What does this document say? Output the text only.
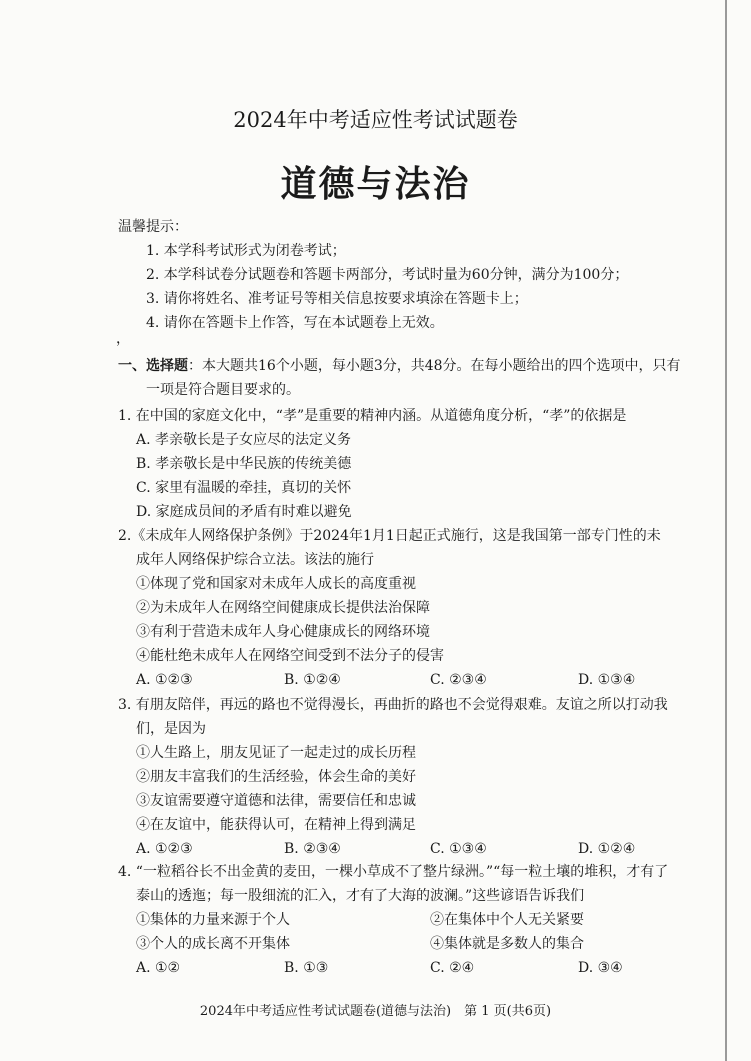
2024年中考适应性考试试题卷
道德与法治
温馨提示：
1. 本学科考试形式为闭卷考试；
2. 本学科试卷分试题卷和答题卡两部分，考试时量为60分钟，满分为100分；
3. 请你将姓名、准考证号等相关信息按要求填涂在答题卡上；
4. 请你在答题卡上作答，写在本试题卷上无效。
，
一、选择题：本大题共16个小题，每小题3分，共48分。在每小题给出的四个选项中，只有
一项是符合题目要求的。
1. 在中国的家庭文化中，“孝”是重要的精神内涵。从道德角度分析，“孝”的依据是
A. 孝亲敬长是子女应尽的法定义务
B. 孝亲敬长是中华民族的传统美德
C. 家里有温暖的牵挂，真切的关怀
D. 家庭成员间的矛盾有时难以避免
2.《未成年人网络保护条例》于2024年1月1日起正式施行，这是我国第一部专门性的未
成年人网络保护综合立法。该法的施行
①体现了党和国家对未成年人成长的高度重视
②为未成年人在网络空间健康成长提供法治保障
③有利于营造未成年人身心健康成长的网络环境
④能杜绝未成年人在网络空间受到不法分子的侵害
A. ①②③	B. ①②④	C. ②③④	D. ①③④
3. 有朋友陪伴，再远的路也不觉得漫长，再曲折的路也不会觉得艰难。友谊之所以打动我
们，是因为
①人生路上，朋友见证了一起走过的成长历程
②朋友丰富我们的生活经验，体会生命的美好
③友谊需要遵守道德和法律，需要信任和忠诚
④在友谊中，能获得认可，在精神上得到满足
A. ①②③	B. ②③④	C. ①③④	D. ①②④
4. “一粒稻谷长不出金黄的麦田，一棵小草成不了整片绿洲。”“每一粒土壤的堆积，才有了
泰山的透迤；每一股细流的汇入，才有了大海的波澜。”这些谚语告诉我们
①集体的力量来源于个人	②在集体中个人无关紧要
③个人的成长离不开集体	④集体就是多数人的集合
A. ①②	B. ①③	C. ②④	D. ③④
2024年中考适应性考试试题卷(道德与法治)　第 1 页(共6页)
